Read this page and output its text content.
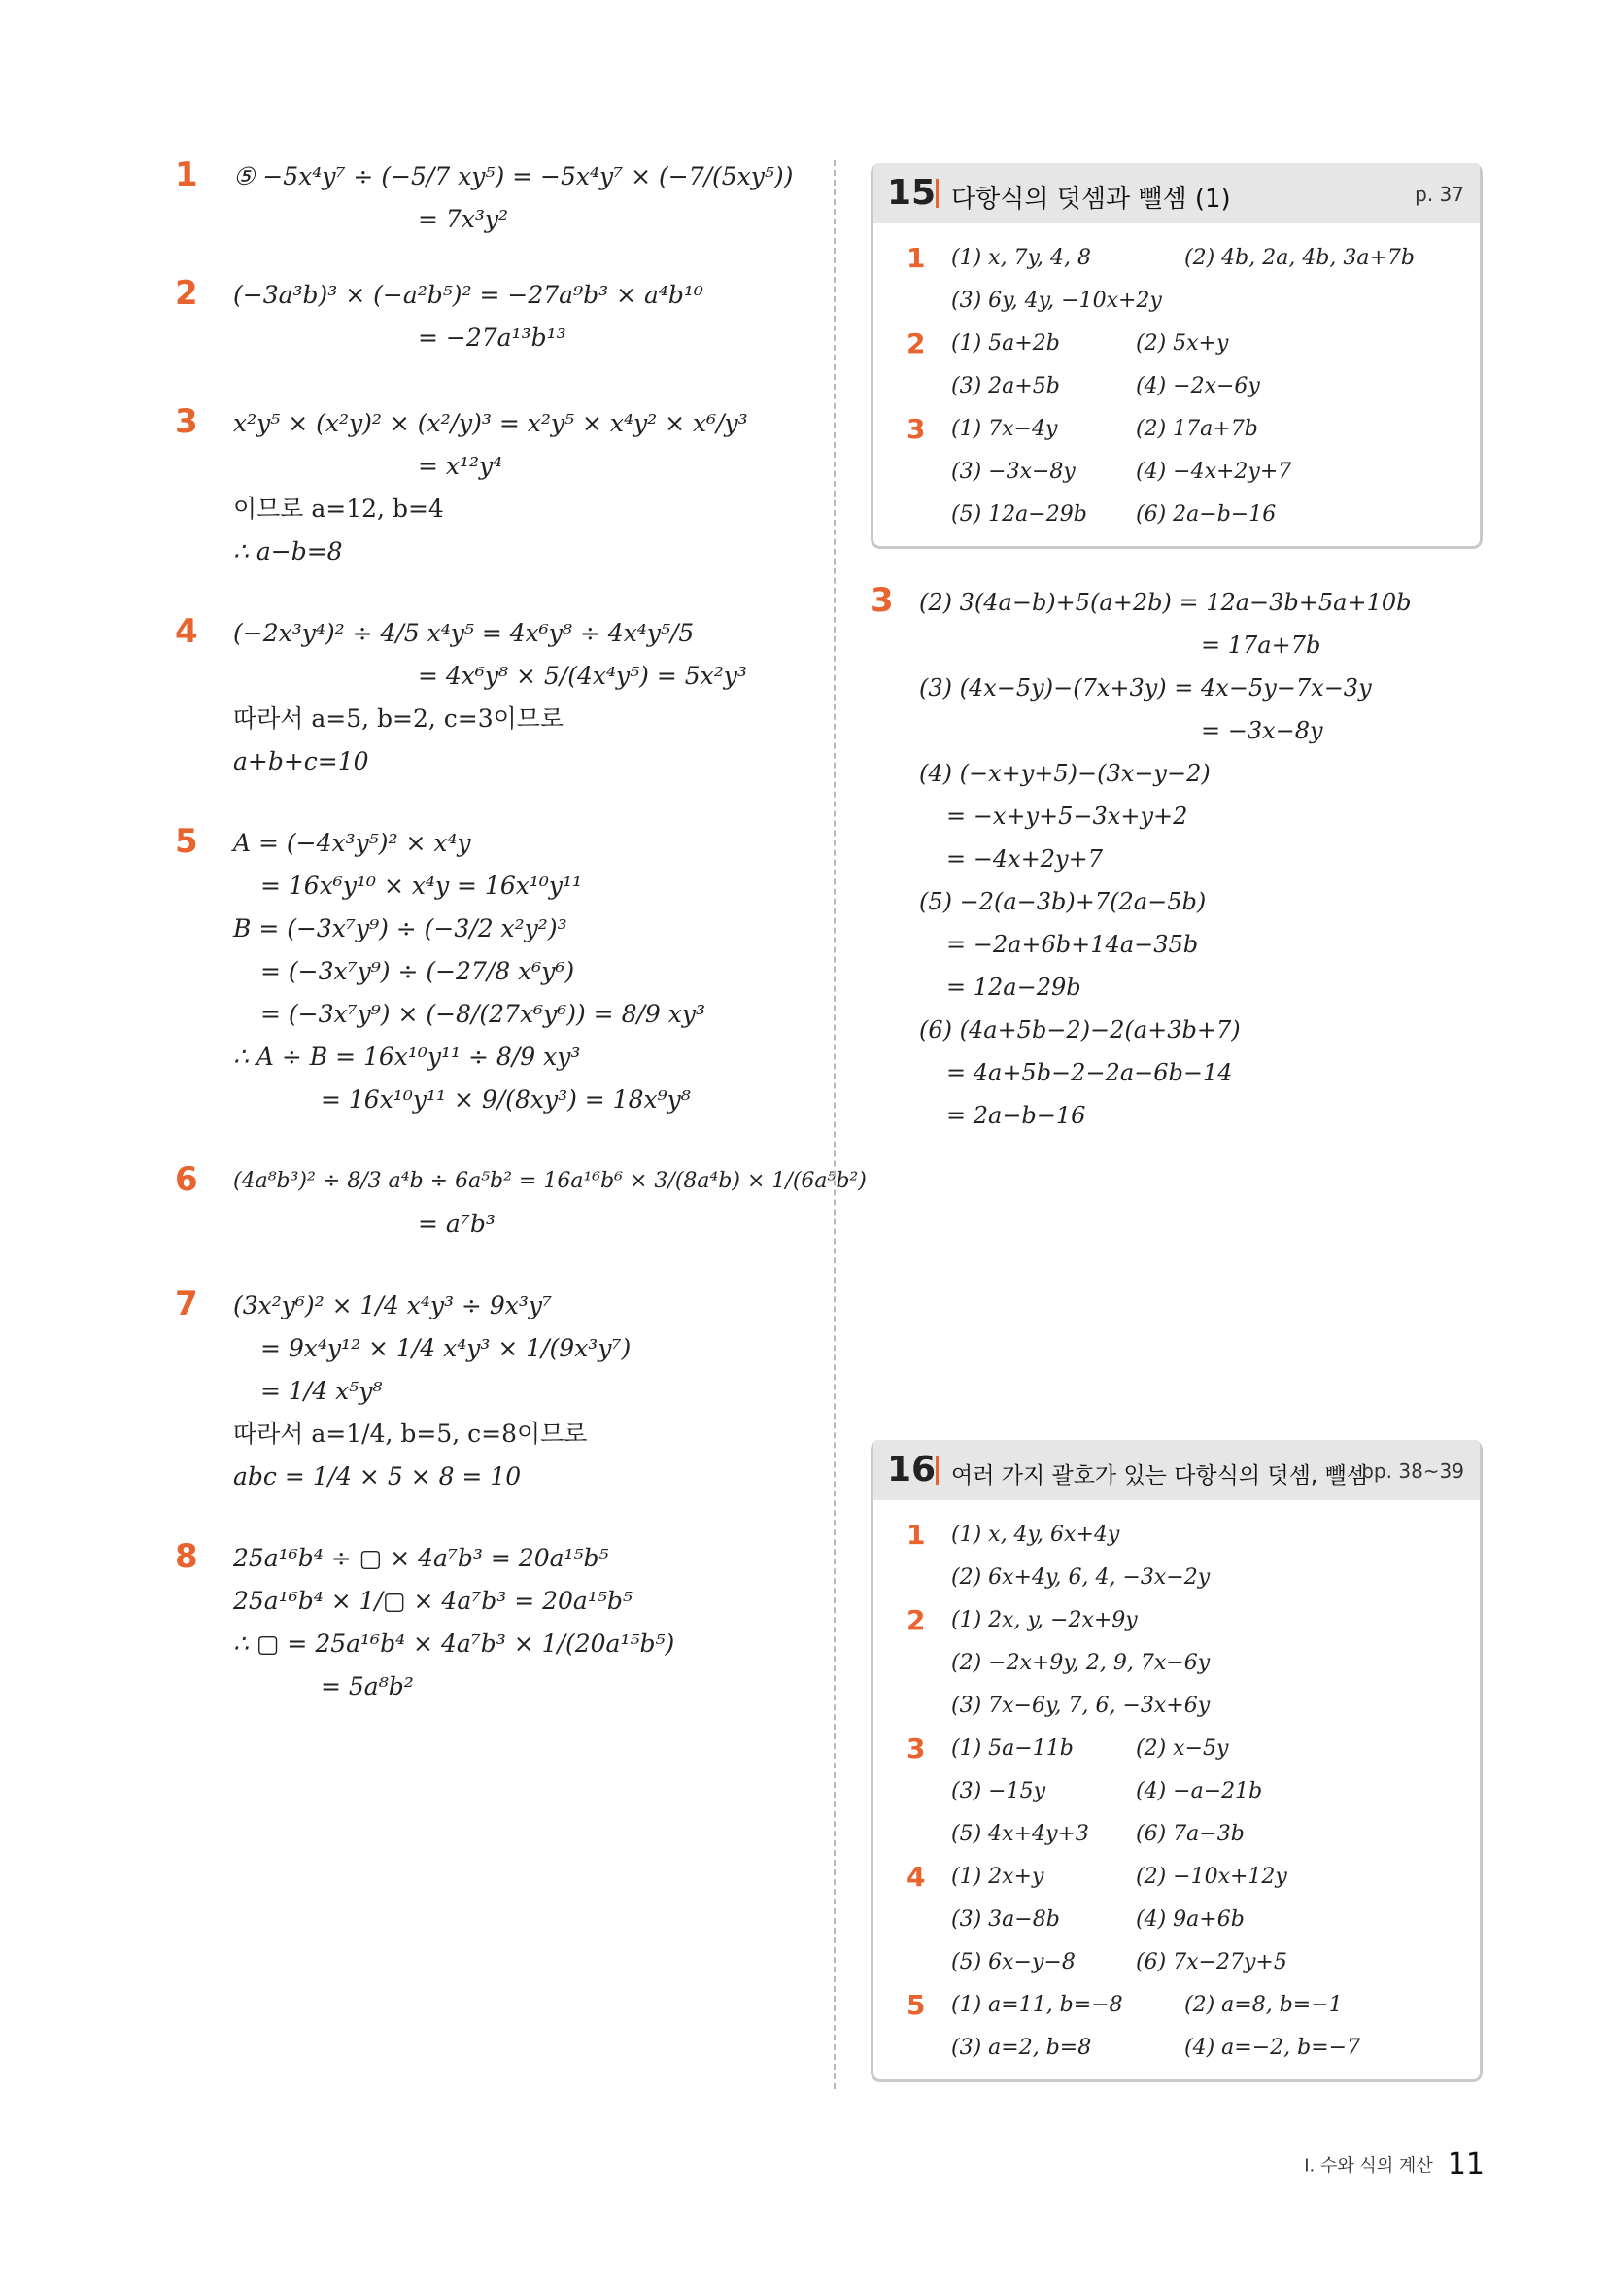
1	⑤ −5x⁴y⁷ ÷ (−5/7 xy⁵) = −5x⁴y⁷ × (−7/(5xy⁵))
= 7x³y²
2	(−3a³b)³ × (−a²b⁵)² = −27a⁹b³ × a⁴b¹⁰
= −27a¹³b¹³
3	x²y⁵ × (x²y)² × (x²/y)³ = x²y⁵ × x⁴y² × x⁶/y³
= x¹²y⁴
이므로 a=12, b=4
∴ a−b=8
4	(−2x³y⁴)² ÷ 4/5 x⁴y⁵ = 4x⁶y⁸ ÷ 4x⁴y⁵/5
= 4x⁶y⁸ × 5/(4x⁴y⁵) = 5x²y³
따라서 a=5, b=2, c=3이므로
a+b+c=10
5	A = (−4x³y⁵)² × x⁴y
= 16x⁶y¹⁰ × x⁴y = 16x¹⁰y¹¹
B = (−3x⁷y⁹) ÷ (−3/2 x²y²)³
= (−3x⁷y⁹) ÷ (−27/8 x⁶y⁶)
= (−3x⁷y⁹) × (−8/(27x⁶y⁶)) = 8/9 xy³
∴ A ÷ B = 16x¹⁰y¹¹ ÷ 8/9 xy³
= 16x¹⁰y¹¹ × 9/(8xy³) = 18x⁹y⁸
6	(4a⁸b³)² ÷ 8/3 a⁴b ÷ 6a⁵b² = 16a¹⁶b⁶ × 3/(8a⁴b) × 1/(6a⁵b²)
= a⁷b³
7	(3x²y⁶)² × 1/4 x⁴y³ ÷ 9x³y⁷
= 9x⁴y¹² × 1/4 x⁴y³ × 1/(9x³y⁷)
= 1/4 x⁵y⁸
따라서 a=1/4, b=5, c=8이므로
abc = 1/4 × 5 × 8 = 10
8	25a¹⁶b⁴ ÷ ▢ × 4a⁷b³ = 20a¹⁵b⁵
25a¹⁶b⁴ × 1/▢ × 4a⁷b³ = 20a¹⁵b⁵
∴ ▢ = 25a¹⁶b⁴ × 4a⁷b³ × 1/(20a¹⁵b⁵)
= 5a⁸b²
15 다항식의 덧셈과 뺄셈 (1)	p. 37
1 (1) x, 7y, 4, 8	(2) 4b, 2a, 4b, 3a+7b
(3) 6y, 4y, −10x+2y
2 (1) 5a+2b	(2) 5x+y
(3) 2a+5b	(4) −2x−6y
3 (1) 7x−4y	(2) 17a+7b
(3) −3x−8y	(4) −4x+2y+7
(5) 12a−29b (6) 2a−b−16
3	(2) 3(4a−b)+5(a+2b) = 12a−3b+5a+10b
= 17a+7b
(3) (4x−5y)−(7x+3y) = 4x−5y−7x−3y
= −3x−8y
(4) (−x+y+5)−(3x−y−2)
= −x+y+5−3x+y+2
= −4x+2y+7
(5) −2(a−3b)+7(2a−5b)
= −2a+6b+14a−35b
= 12a−29b
(6) (4a+5b−2)−2(a+3b+7)
= 4a+5b−2−2a−6b−14
= 2a−b−16
16 여러 가지 괄호가 있는 다항식의 덧셈, 뺄셈
pp. 38~39
1 (1) x, 4y, 6x+4y
(2) 6x+4y, 6, 4, −3x−2y
2 (1) 2x, y, −2x+9y
(2) −2x+9y, 2, 9, 7x−6y
(3) 7x−6y, 7, 6, −3x+6y
3 (1) 5a−11b	(2) x−5y
(3) −15y	(4) −a−21b
(5) 4x+4y+3 (6) 7a−3b
4 (1) 2x+y	(2) −10x+12y
(3) 3a−8b	(4) 9a+6b
(5) 6x−y−8	(6) 7x−27y+5
5 (1) a=11, b=−8	(2) a=8, b=−1
(3) a=2, b=8	(4) a=−2, b=−7
I. 수와 식의 계산 11
